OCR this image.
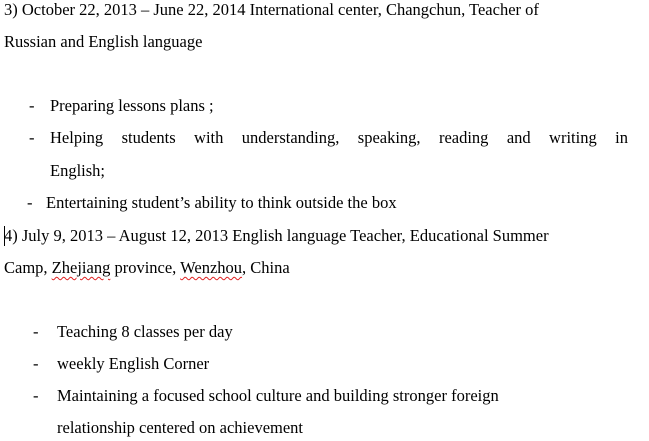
3) October 22, 2013 – June 22, 2014 International center, Changchun, Teacher of
Russian and English language
- Preparing lessons plans ;
- Helping students with understanding, speaking, reading and writing in
English;
- Entertaining student’s ability to think outside the box
4) July 9, 2013 – August 12, 2013 English language Teacher, Educational Summer
Camp, Zhejiang province, Wenzhou, China
- Teaching 8 classes per day
- weekly English Corner
- Maintaining a focused school culture and building stronger foreign
relationship centered on achievement
